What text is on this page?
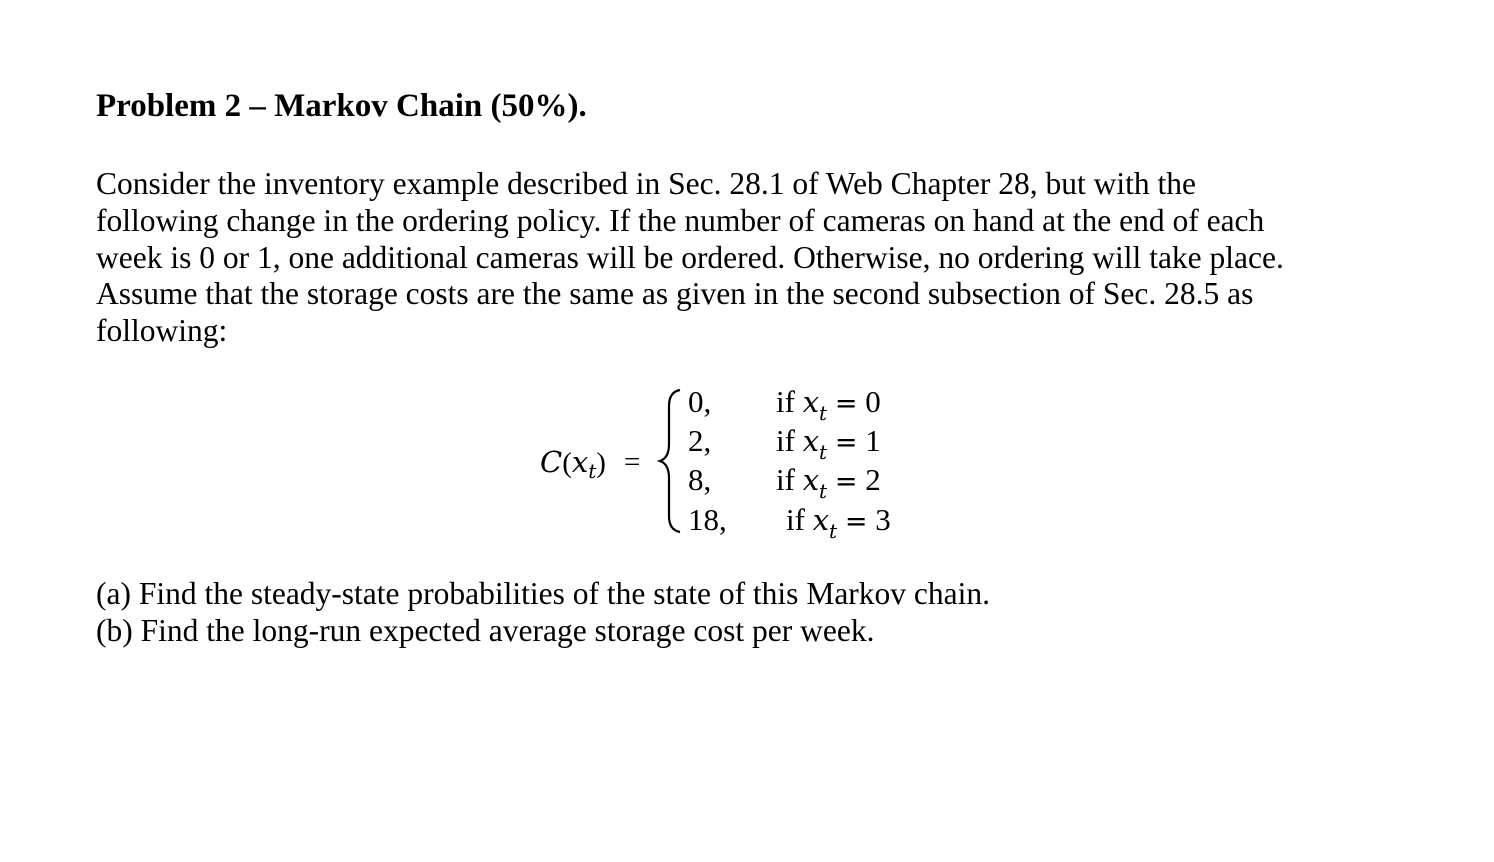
Problem 2 – Markov Chain (50%).
Consider the inventory example described in Sec. 28.1 of Web Chapter 28, but with the
following change in the ordering policy. If the number of cameras on hand at the end of each
week is 0 or 1, one additional cameras will be ordered. Otherwise, no ordering will take place.
Assume that the storage costs are the same as given in the second subsection of Sec. 28.5 as
following:
$C(x_t)$ =
0, if $x_t = 0$
2, if $x_t = 1$
8, if $x_t = 2$
18, if $x_t = 3$
(a) Find the steady-state probabilities of the state of this Markov chain.
(b) Find the long-run expected average storage cost per week.
